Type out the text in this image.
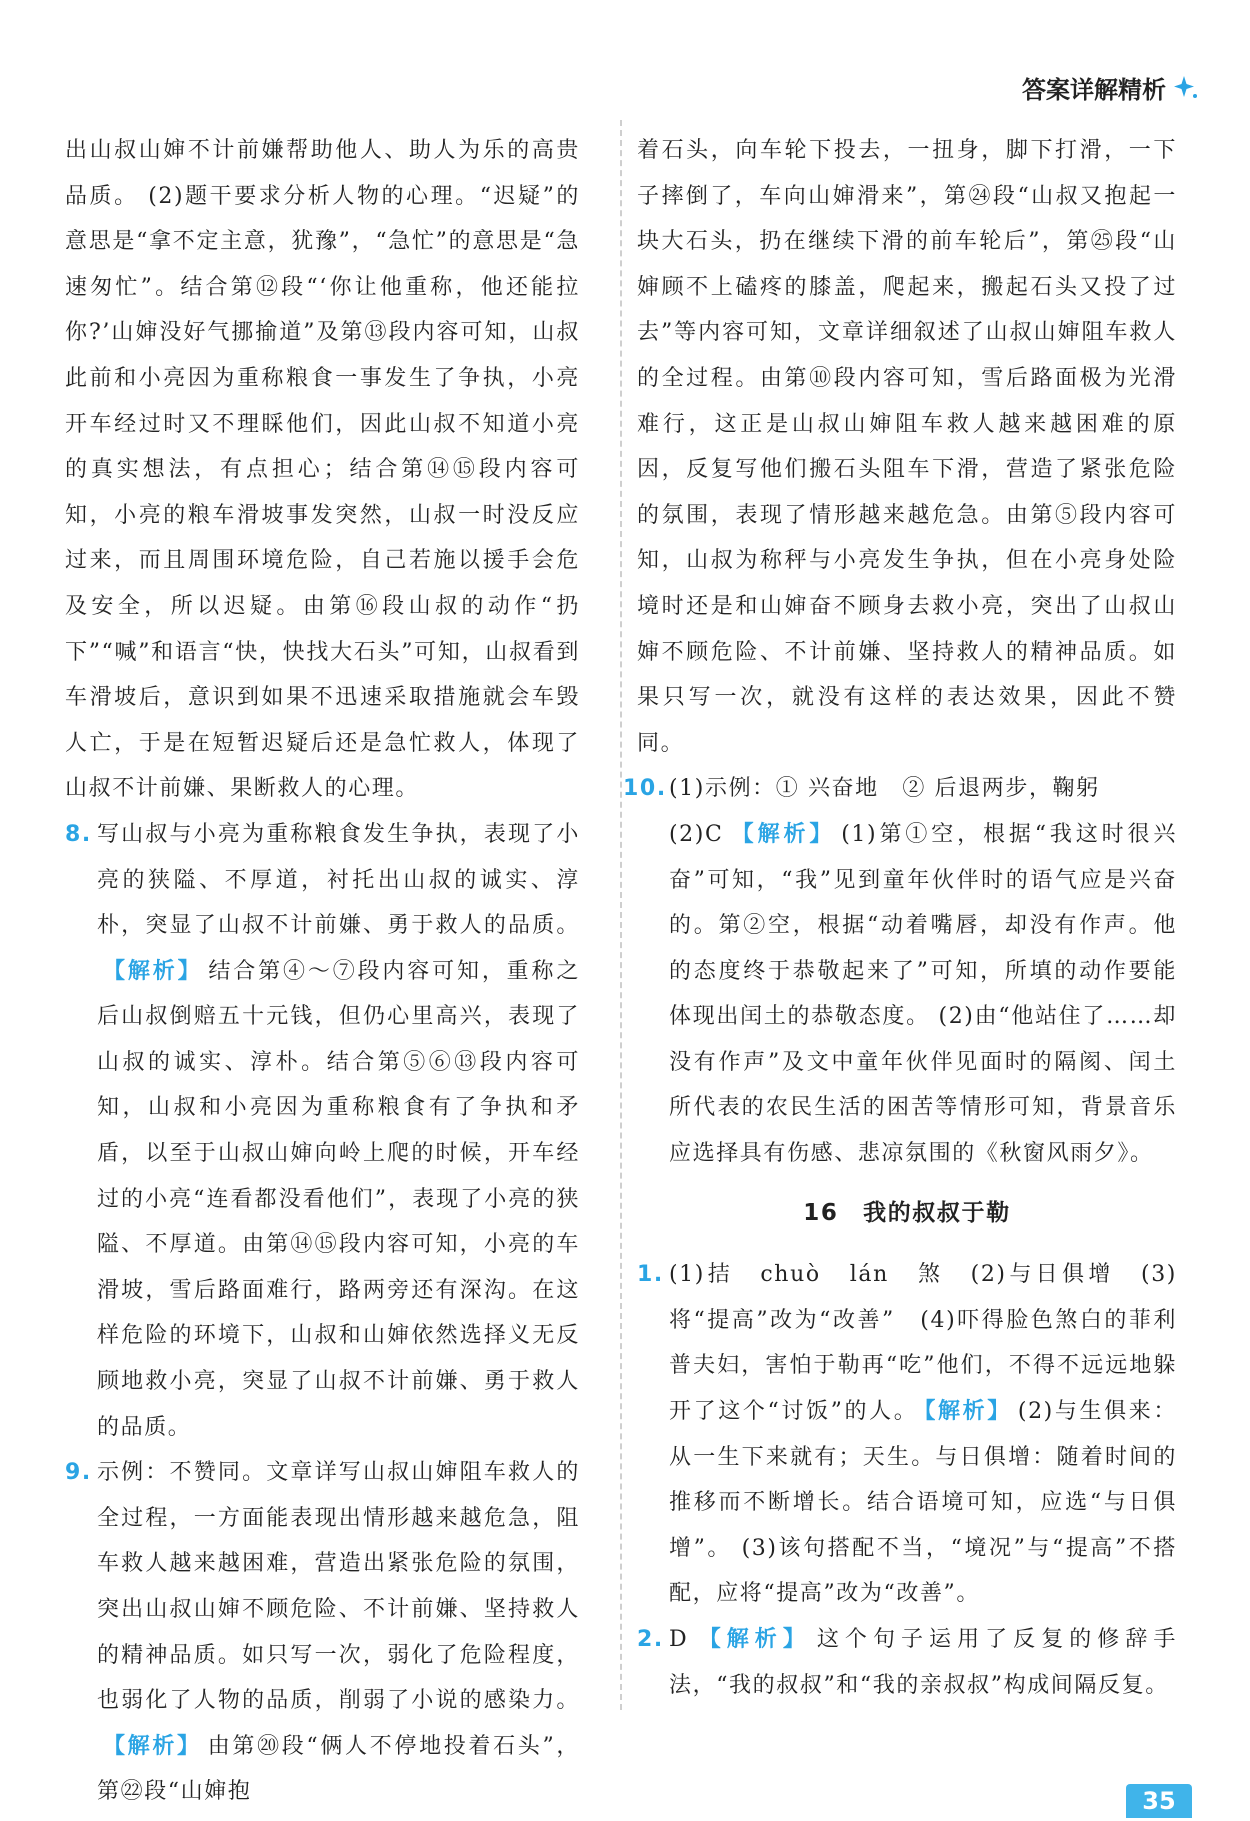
答案详解精析

出山叔山婶不计前嫌帮助他人、助人为乐的高贵品质。 (2)题干要求分析人物的心理。“迟疑”的意思是“拿不定主意，犹豫”，“急忙”的意思是“急速匆忙”。结合第⑫段“‘你让他重称，他还能拉你?’山婶没好气挪揄道”及第⑬段内容可知，山叔此前和小亮因为重称粮食一事发生了争执，小亮开车经过时又不理睬他们，因此山叔不知道小亮的真实想法，有点担心；结合第⑭⑮段内容可知，小亮的粮车滑坡事发突然，山叔一时没反应过来，而且周围环境危险，自己若施以援手会危及安全，所以迟疑。由第⑯段山叔的动作“扔下”“喊”和语言“快，快找大石头”可知，山叔看到车滑坡后，意识到如果不迅速采取措施就会车毁人亡，于是在短暂迟疑后还是急忙救人，体现了山叔不计前嫌、果断救人的心理。

8. 写山叔与小亮为重称粮食发生争执，表现了小亮的狭隘、不厚道，衬托出山叔的诚实、淳朴，突显了山叔不计前嫌、勇于救人的品质。【解析】 结合第④～⑦段内容可知，重称之后山叔倒赔五十元钱，但仍心里高兴，表现了山叔的诚实、淳朴。结合第⑤⑥⑬段内容可知，山叔和小亮因为重称粮食有了争执和矛盾，以至于山叔山婶向岭上爬的时候，开车经过的小亮“连看都没看他们”，表现了小亮的狭隘、不厚道。由第⑭⑮段内容可知，小亮的车滑坡，雪后路面难行，路两旁还有深沟。在这样危险的环境下，山叔和山婶依然选择义无反顾地救小亮，突显了山叔不计前嫌、勇于救人的品质。

9. 示例：不赞同。文章详写山叔山婶阻车救人的全过程，一方面能表现出情形越来越危急，阻车救人越来越困难，营造出紧张危险的氛围，突出山叔山婶不顾危险、不计前嫌、坚持救人的精神品质。如只写一次，弱化了危险程度，也弱化了人物的品质，削弱了小说的感染力。【解析】 由第⑳段“俩人不停地投着石头”，第㉒段“山婶抱

着石头，向车轮下投去，一扭身，脚下打滑，一下子摔倒了，车向山婶滑来”，第㉔段“山叔又抱起一块大石头，扔在继续下滑的前车轮后”，第㉕段“山婶顾不上磕疼的膝盖，爬起来，搬起石头又投了过去”等内容可知，文章详细叙述了山叔山婶阻车救人的全过程。由第⑩段内容可知，雪后路面极为光滑难行，这正是山叔山婶阻车救人越来越困难的原因，反复写他们搬石头阻车下滑，营造了紧张危险的氛围，表现了情形越来越危急。由第⑤段内容可知，山叔为称秤与小亮发生争执，但在小亮身处险境时还是和山婶奋不顾身去救小亮，突出了山叔山婶不顾危险、不计前嫌、坚持救人的精神品质。如果只写一次，就没有这样的表达效果，因此不赞同。

10. (1)示例：① 兴奋地　② 后退两步，鞠躬

(2)C 【解析】 (1)第①空，根据“我这时很兴奋”可知，“我”见到童年伙伴时的语气应是兴奋的。第②空，根据“动着嘴唇，却没有作声。他的态度终于恭敬起来了”可知，所填的动作要能体现出闰土的恭敬态度。 (2)由“他站住了……却没有作声”及文中童年伙伴见面时的隔阂、闰土所代表的农民生活的困苦等情形可知，背景音乐应选择具有伤感、悲凉氛围的《秋窗风雨夕》。

16　我的叔叔于勒
1. (1)拮　chuò　lán　煞　(2)与日俱增　(3)将“提高”改为“改善”　(4)吓得脸色煞白的菲利普夫妇，害怕于勒再“吃”他们，不得不远远地躲开了这个“讨饭”的人。 【解析】 (2)与生俱来：从一生下来就有；天生。与日俱增：随着时间的推移而不断增长。结合语境可知，应选“与日俱增”。 (3)该句搭配不当，“境况”与“提高”不搭配，应将“提高”改为“改善”。

2. D 【解析】 这个句子运用了反复的修辞手法，“我的叔叔”和“我的亲叔叔”构成间隔反复。

35
